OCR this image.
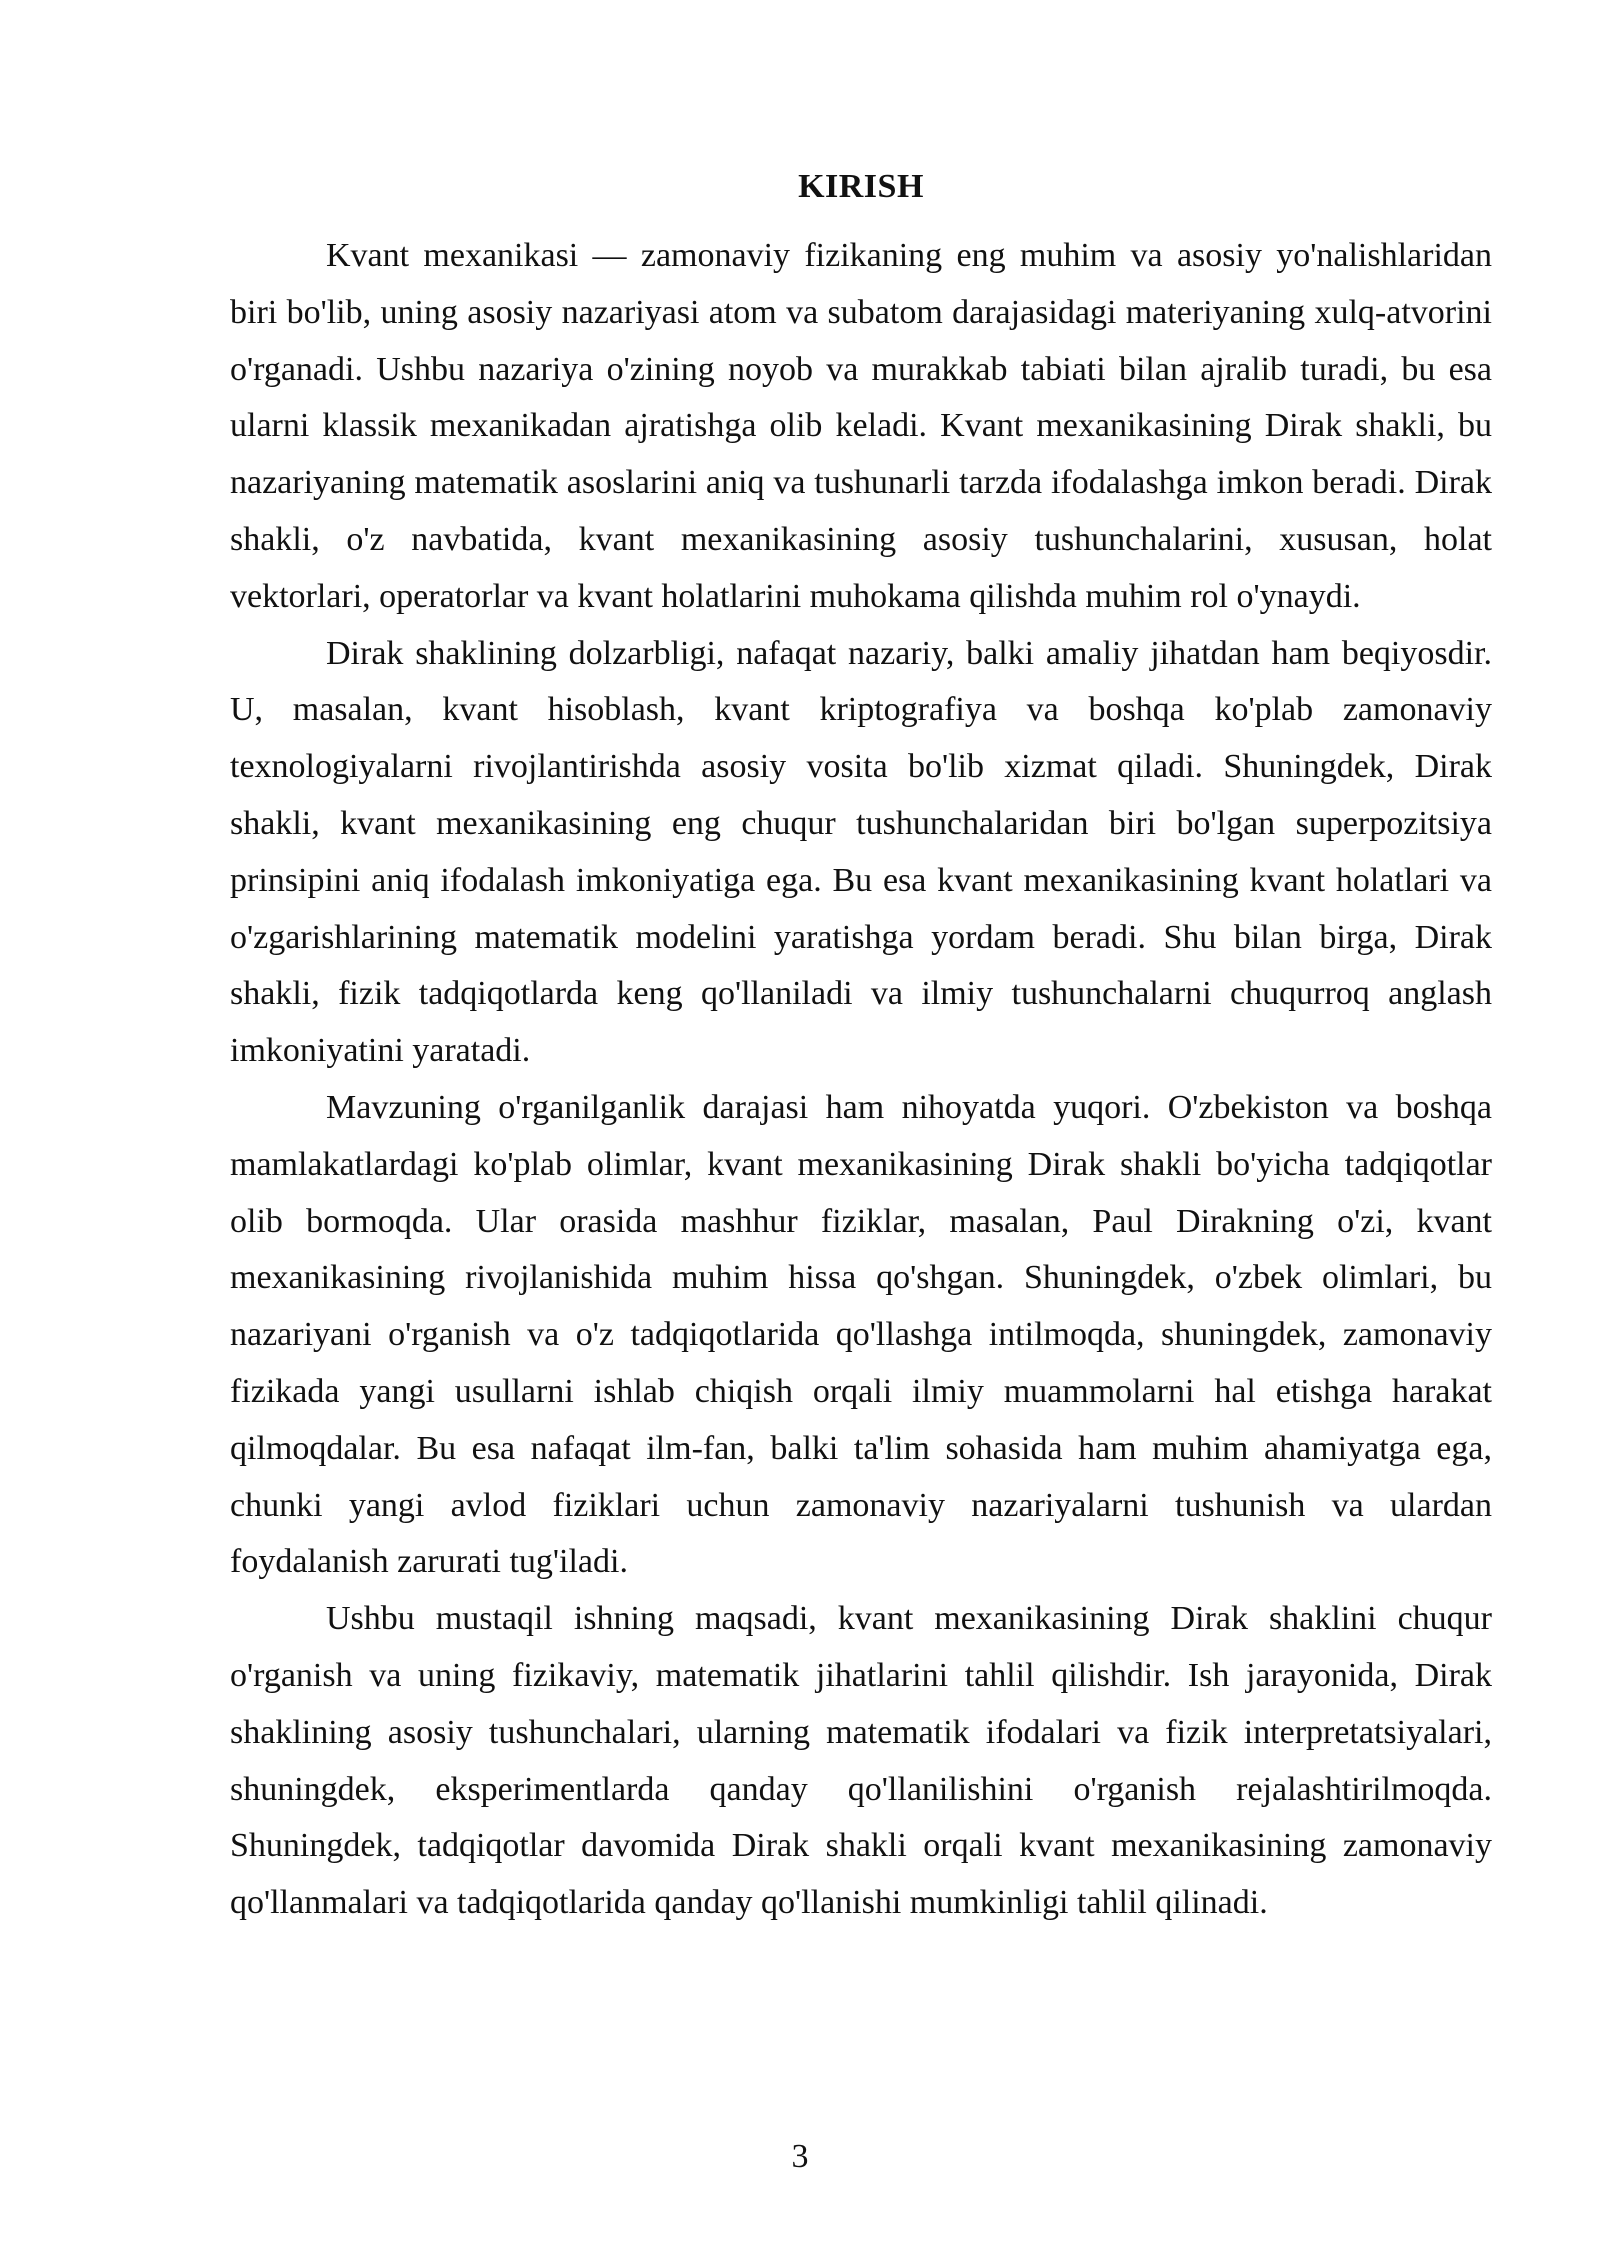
KIRISH

Kvant mexanikasi — zamonaviy fizikaning eng muhim va asosiy yo'nalishlaridan biri bo'lib, uning asosiy nazariyasi atom va subatom darajasidagi materiyaning xulq-atvorini o'rganadi. Ushbu nazariya o'zining noyob va murakkab tabiati bilan ajralib turadi, bu esa ularni klassik mexanikadan ajratishga olib keladi. Kvant mexanikasining Dirak shakli, bu nazariyaning matematik asoslarini aniq va tushunarli tarzda ifodalashga imkon beradi. Dirak shakli, o'z navbatida, kvant mexanikasining asosiy tushunchalarini, xususan, holat vektorlari, operatorlar va kvant holatlarini muhokama qilishda muhim rol o'ynaydi.

Dirak shaklining dolzarbligi, nafaqat nazariy, balki amaliy jihatdan ham beqiyosdir. U, masalan, kvant hisoblash, kvant kriptografiya va boshqa ko'plab zamonaviy texnologiyalarni rivojlantirishda asosiy vosita bo'lib xizmat qiladi. Shuningdek, Dirak shakli, kvant mexanikasining eng chuqur tushunchalaridan biri bo'lgan superpozitsiya prinsipini aniq ifodalash imkoniyatiga ega. Bu esa kvant mexanikasining kvant holatlari va o'zgarishlarining matematik modelini yaratishga yordam beradi. Shu bilan birga, Dirak shakli, fizik tadqiqotlarda keng qo'llaniladi va ilmiy tushunchalarni chuqurroq anglash imkoniyatini yaratadi.

Mavzuning o'rganilganlik darajasi ham nihoyatda yuqori. O'zbekiston va boshqa mamlakatlardagi ko'plab olimlar, kvant mexanikasining Dirak shakli bo'yicha tadqiqotlar olib bormoqda. Ular orasida mashhur fiziklar, masalan, Paul Dirakning o'zi, kvant mexanikasining rivojlanishida muhim hissa qo'shgan. Shuningdek, o'zbek olimlari, bu nazariyani o'rganish va o'z tadqiqotlarida qo'llashga intilmoqda, shuningdek, zamonaviy fizikada yangi usullarni ishlab chiqish orqali ilmiy muammolarni hal etishga harakat qilmoqdalar. Bu esa nafaqat ilm-fan, balki ta'lim sohasida ham muhim ahamiyatga ega, chunki yangi avlod fiziklari uchun zamonaviy nazariyalarni tushunish va ulardan foydalanish zarurati tug'iladi.

Ushbu mustaqil ishning maqsadi, kvant mexanikasining Dirak shaklini chuqur o'rganish va uning fizikaviy, matematik jihatlarini tahlil qilishdir. Ish jarayonida, Dirak shaklining asosiy tushunchalari, ularning matematik ifodalari va fizik interpretatsiyalari, shuningdek, eksperimentlarda qanday qo'llanilishini o'rganish rejalashtirilmoqda. Shuningdek, tadqiqotlar davomida Dirak shakli orqali kvant mexanikasining zamonaviy qo'llanmalari va tadqiqotlarida qanday qo'llanishi mumkinligi tahlil qilinadi.

3
